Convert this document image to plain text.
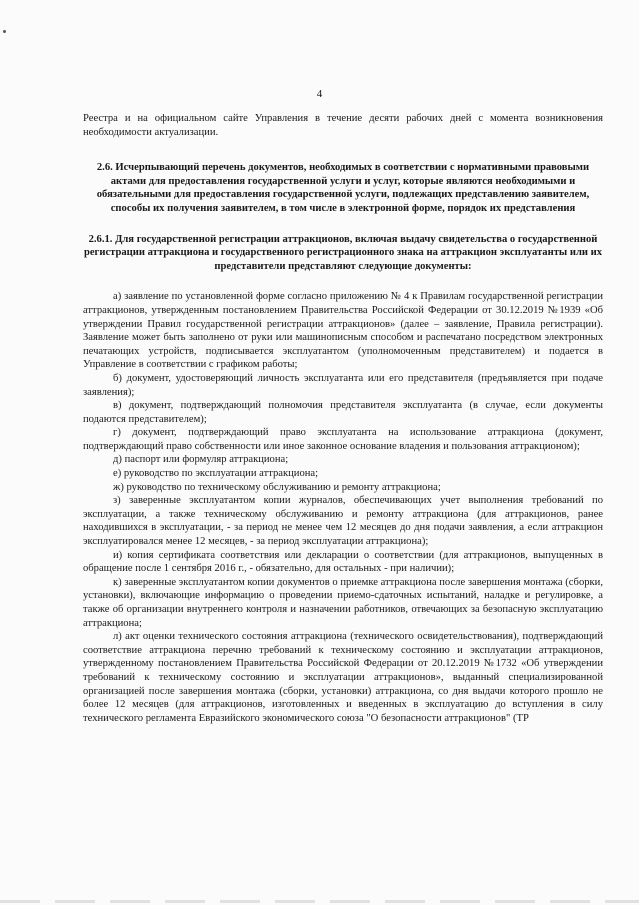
4

Реестра и на официальном сайте Управления в течение десяти рабочих дней с момента возникновения необходимости актуализации.

2.6. Исчерпывающий перечень документов, необходимых в соответствии с нормативными правовыми актами для предоставления государственной услуги и услуг, которые являются необходимыми и обязательными для предоставления государственной услуги, подлежащих представлению заявителем, способы их получения заявителем, в том числе в электронной форме, порядок их представления

2.6.1. Для государственной регистрации аттракционов, включая выдачу свидетельства о государственной регистрации аттракциона и государственного регистрационного знака на аттракцион эксплуатанты или их представители представляют следующие документы:

а) заявление по установленной форме согласно приложению № 4 к Правилам государственной регистрации аттракционов, утвержденным постановлением Правительства Российской Федерации от 30.12.2019 №1939 «Об утверждении Правил государственной регистрации аттракционов» (далее – заявление, Правила регистрации). Заявление может быть заполнено от руки или машинописным способом и распечатано посредством электронных печатающих устройств, подписывается эксплуатантом (уполномоченным представителем) и подается в Управление в соответствии с графиком работы;

б) документ, удостоверяющий личность эксплуатанта или его представителя (предъявляется при подаче заявления);

в) документ, подтверждающий полномочия представителя эксплуатанта (в случае, если документы подаются представителем);

г) документ, подтверждающий право эксплуатанта на использование аттракциона (документ, подтверждающий право собственности или иное законное основание владения и пользования аттракционом);

д) паспорт или формуляр аттракциона;

е) руководство по эксплуатации аттракциона;

ж) руководство по техническому обслуживанию и ремонту аттракциона;

з) заверенные эксплуатантом копии журналов, обеспечивающих учет выполнения требований по эксплуатации, а также техническому обслуживанию и ремонту аттракциона (для аттракционов, ранее находившихся в эксплуатации, - за период не менее чем 12 месяцев до дня подачи заявления, а если аттракцион эксплуатировался менее 12 месяцев, - за период эксплуатации аттракциона);

и) копия сертификата соответствия или декларации о соответствии (для аттракционов, выпущенных в обращение после 1 сентября 2016 г., - обязательно, для остальных - при наличии);

к) заверенные эксплуатантом копии документов о приемке аттракциона после завершения монтажа (сборки, установки), включающие информацию о проведении приемо-сдаточных испытаний, наладке и регулировке, а также об организации внутреннего контроля и назначении работников, отвечающих за безопасную эксплуатацию аттракциона;

л) акт оценки технического состояния аттракциона (технического освидетельствования), подтверждающий соответствие аттракциона перечню требований к техническому состоянию и эксплуатации аттракционов, утвержденному постановлением Правительства Российской Федерации от 20.12.2019 №1732 «Об утверждении требований к техническому состоянию и эксплуатации аттракционов», выданный специализированной организацией после завершения монтажа (сборки, установки) аттракциона, со дня выдачи которого прошло не более 12 месяцев (для аттракционов, изготовленных и введенных в эксплуатацию до вступления в силу технического регламента Евразийского экономического союза "О безопасности аттракционов" (ТР
